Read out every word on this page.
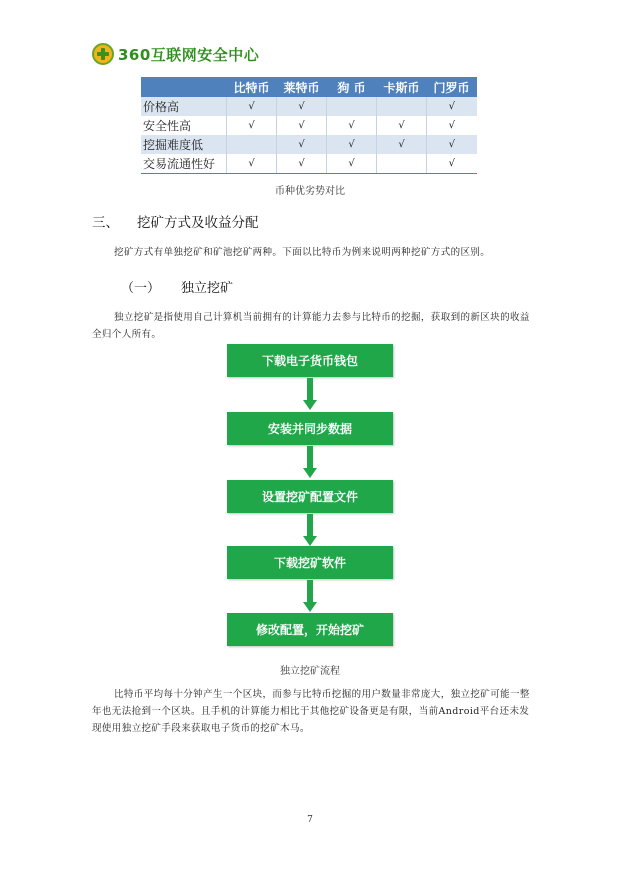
360互联网安全中心
	比特币	莱特币	狗 币	卡斯币	门罗币
价格高	√	√			√
安全性高	√	√	√	√	√
挖掘难度低		√	√	√	√
交易流通性好	√	√	√		√
币种优劣势对比
三、 挖矿方式及收益分配
挖矿方式有单独挖矿和矿池挖矿两种。下面以比特币为例来说明两种挖矿方式的区别。
（一） 独立挖矿
独立挖矿是指使用自己计算机当前拥有的计算能力去参与比特币的挖掘，获取到的新区块的收益全归个人所有。
下载电子货币钱包
安装并同步数据
设置挖矿配置文件
下载挖矿软件
修改配置，开始挖矿
独立挖矿流程
比特币平均每十分钟产生一个区块，而参与比特币挖掘的用户数量非常庞大，独立挖矿可能一整年也无法抢到一个区块。且手机的计算能力相比于其他挖矿设备更是有限，当前Android平台还未发现使用独立挖矿手段来获取电子货币的挖矿木马。
7
